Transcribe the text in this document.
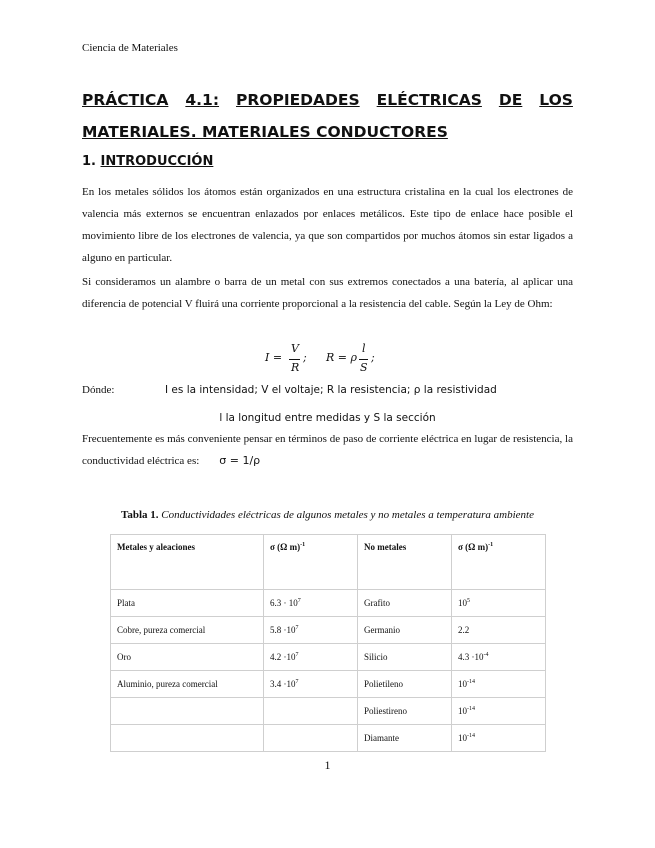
Ciencia de Materiales
PRÁCTICA 4.1: PROPIEDADES ELÉCTRICAS DE LOS
MATERIALES. MATERIALES CONDUCTORES
1. INTRODUCCIÓN

En los metales sólidos los átomos están organizados en una estructura cristalina en la cual los electrones de valencia más externos se encuentran enlazados por enlaces metálicos. Este tipo de enlace hace posible el movimiento libre de los electrones de valencia, ya que son compartidos por muchos átomos sin estar ligados a alguno en particular.

Si consideramos un alambre o barra de un metal con sus extremos conectados a una batería, al aplicar una diferencia de potencial V fluirá una corriente proporcional a la resistencia del cable. Según la Ley de Ohm:

I =
V
R
; R = ρ
l
S
;
Dónde:	I es la intensidad; V el voltaje; R la resistencia; ρ la resistividad
l la longitud entre medidas y S la sección

Frecuentemente es más conveniente pensar en términos de paso de corriente eléctrica en lugar de resistencia, la conductividad eléctrica es: σ = 1/ρ

Tabla 1. Conductividades eléctricas de algunos metales y no metales a temperatura ambiente
Metales y aleaciones	σ (Ω m)$^{-1}$	No metales	σ (Ω m)$^{-1}$
Plata	$6.3 \cdot 10^7$	Grafito	$10^5$
Cobre, pureza comercial	$5.8 \cdot 10^7$	Germanio	2.2
Oro	$4.2 \cdot 10^7$	Silicio	$4.3 \cdot 10^{-4}$
Aluminio, pureza comercial	$3.4 \cdot 10^7$	Polietileno	$10^{-14}$
		Poliestireno	$10^{-14}$
		Diamante	$10^{-14}$
1
